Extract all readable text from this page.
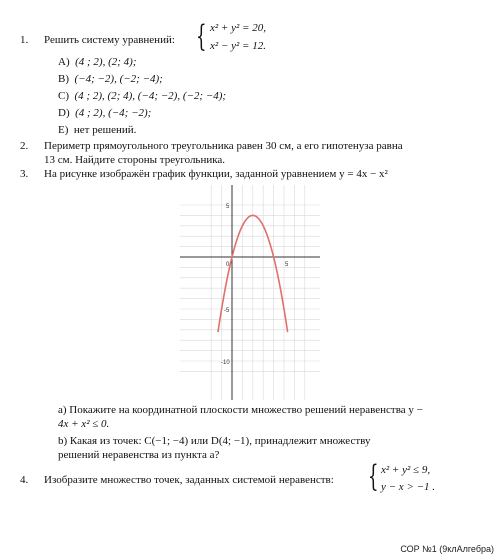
1. Решить систему уравнений: { x² + y² = 20,
x² − y² = 12.
A) (4 ; 2), (2; 4);
B) (−4; −2), (−2; −4);
C) (4 ; 2), (2; 4), (−4; −2), (−2; −4);
D) (4 ; 2), (−4; −2);
E) нет решений.
2. Периметр прямоугольного треугольника равен 30 см, а его гипотенуза равна
13 см. Найдите стороны треугольника.
3. На рисунке изображён график функции, заданной уравнением y = 4x − x²
0	5
5
-5
-10
a) Покажите на координатной плоскости множество решений неравенства y −
4x + x² ≤ 0.
b) Какая из точек: C(−1; −4) или D(4; −1), принадлежит множеству
решений неравенства из пункта a?
4. Изобразите множество точек, заданных системой неравенств: { x² + y² ≤ 9,
y − x > −1 .
СОР №1 (9клАлгебра)
